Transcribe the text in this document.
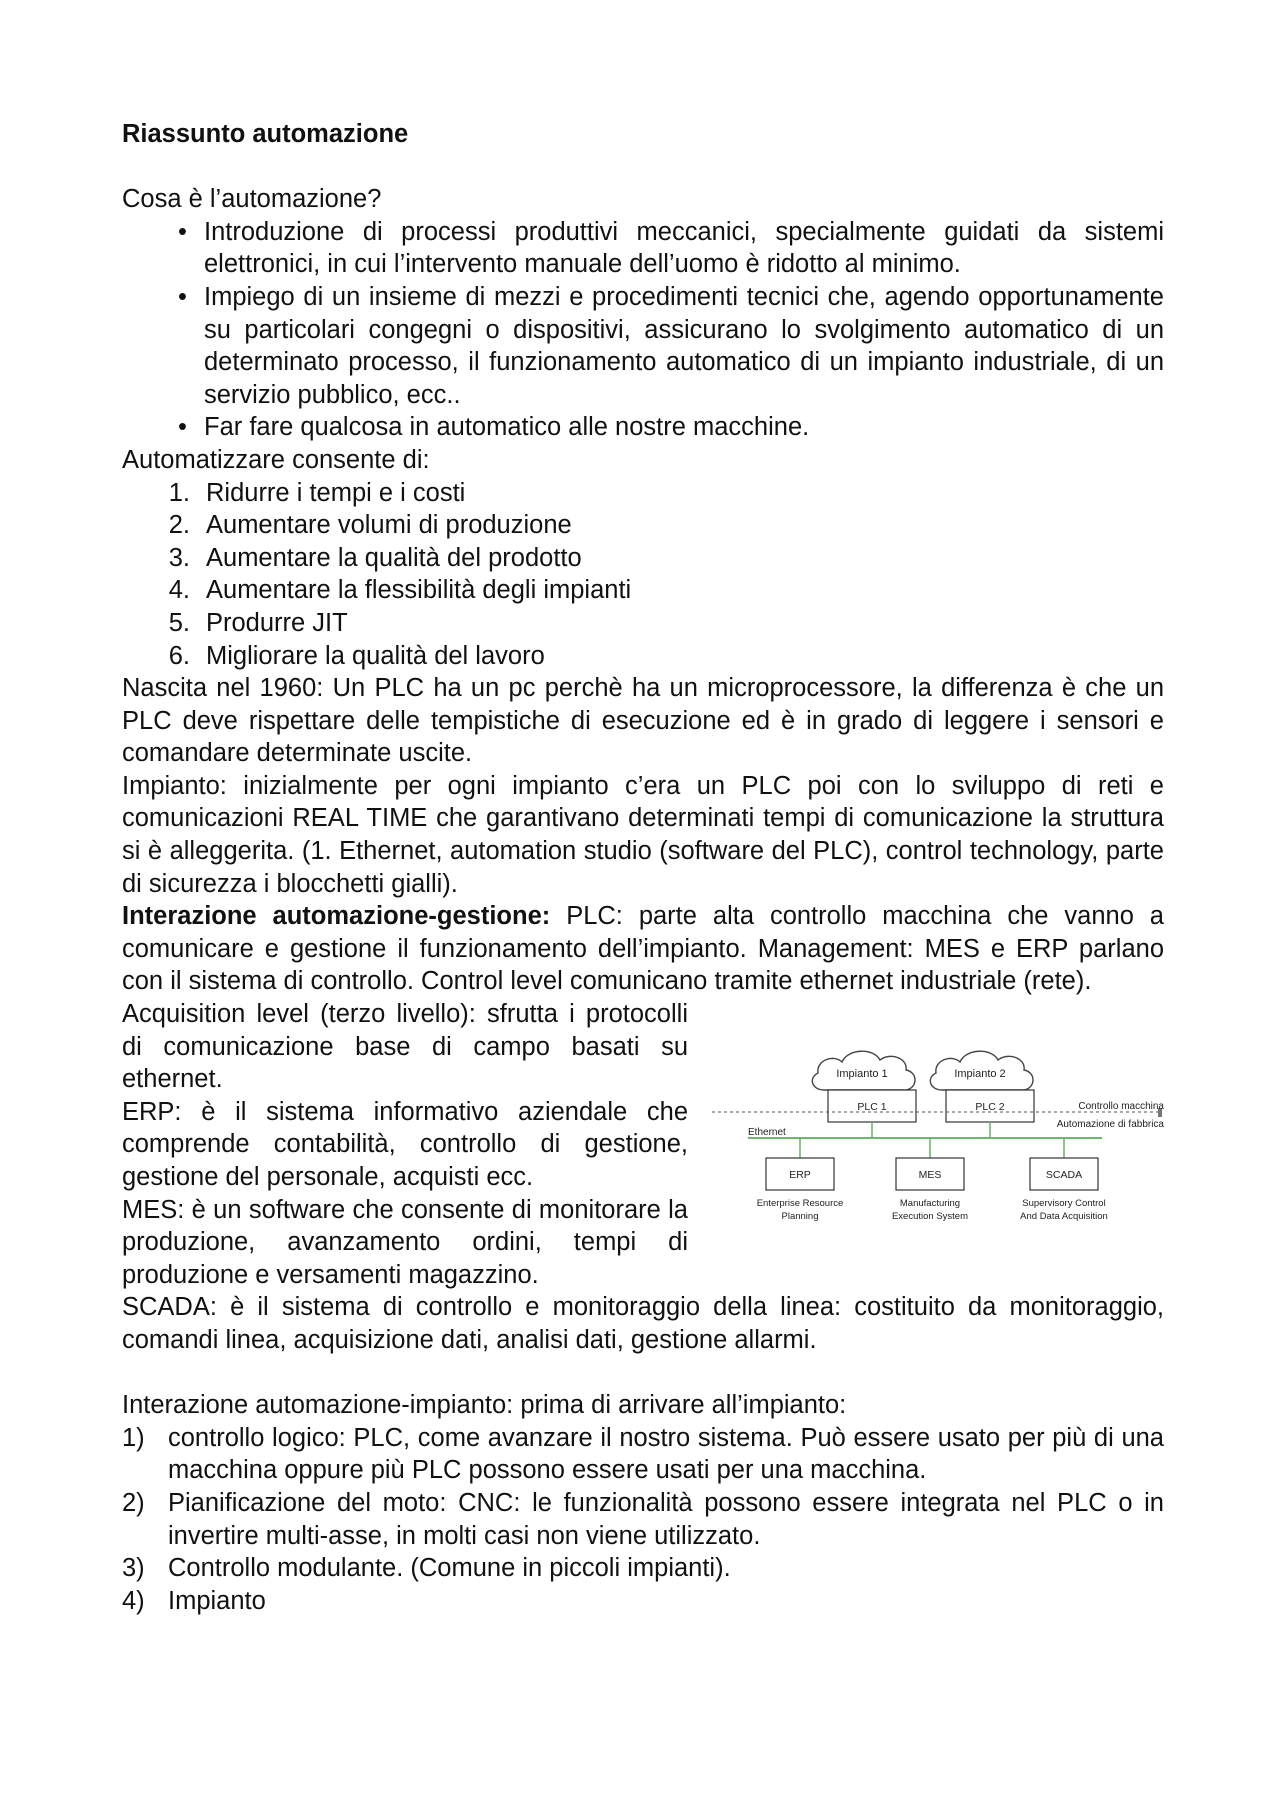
Riassunto automazione

Cosa è l’automazione?

• Introduzione di processi produttivi meccanici, specialmente guidati da sistemi elettronici, in cui l’intervento manuale dell’uomo è ridotto al minimo.
• Impiego di un insieme di mezzi e procedimenti tecnici che, agendo opportunamente su particolari congegni o dispositivi, assicurano lo svolgimento automatico di un determinato processo, il funzionamento automatico di un impianto industriale, di un servizio pubblico, ecc..
• Far fare qualcosa in automatico alle nostre macchine.

Automatizzare consente di:

1. Ridurre i tempi e i costi
2. Aumentare volumi di produzione
3. Aumentare la qualità del prodotto
4. Aumentare la flessibilità degli impianti
5. Produrre JIT
6. Migliorare la qualità del lavoro

Nascita nel 1960: Un PLC ha un pc perchè ha un microprocessore, la differenza è che un PLC deve rispettare delle tempistiche di esecuzione ed è in grado di leggere i sensori e comandare determinate uscite.

Impianto: inizialmente per ogni impianto c’era un PLC poi con lo sviluppo di reti e comunicazioni REAL TIME che garantivano determinati tempi di comunicazione la struttura si è alleggerita. (1. Ethernet, automation studio (software del PLC), control technology, parte di sicurezza i blocchetti gialli).

Interazione automazione-gestione: PLC: parte alta controllo macchina che vanno a comunicare e gestione il funzionamento dell’impianto. Management: MES e ERP parlano con il sistema di controllo. Control level comunicano tramite ethernet industriale (rete).

Acquisition level (terzo livello): sfrutta i protocolli di comunicazione base di campo basati su ethernet.

ERP: è il sistema informativo aziendale che comprende contabilità, controllo di gestione, gestione del personale, acquisti ecc.

MES: è un software che consente di monitorare la produzione, avanzamento ordini, tempi di produzione e versamenti magazzino.

Impianto 1	Impianto 2
PLC 1	PLC 2	Controllo macchina
Automazione di fabbrica
Ethernet
ERP	MES	SCADA
Enterprise Resource
Planning
Manufacturing
Execution System
Supervisory Control
And Data Acquisition

SCADA: è il sistema di controllo e monitoraggio della linea: costituito da monitoraggio, comandi linea, acquisizione dati, analisi dati, gestione allarmi.

Interazione automazione-impianto: prima di arrivare all’impianto:

1) controllo logico: PLC, come avanzare il nostro sistema. Può essere usato per più di una macchina oppure più PLC possono essere usati per una macchina.
2) Pianificazione del moto: CNC: le funzionalità possono essere integrata nel PLC o in invertire multi-asse, in molti casi non viene utilizzato.
3) Controllo modulante. (Comune in piccoli impianti).
4) Impianto
